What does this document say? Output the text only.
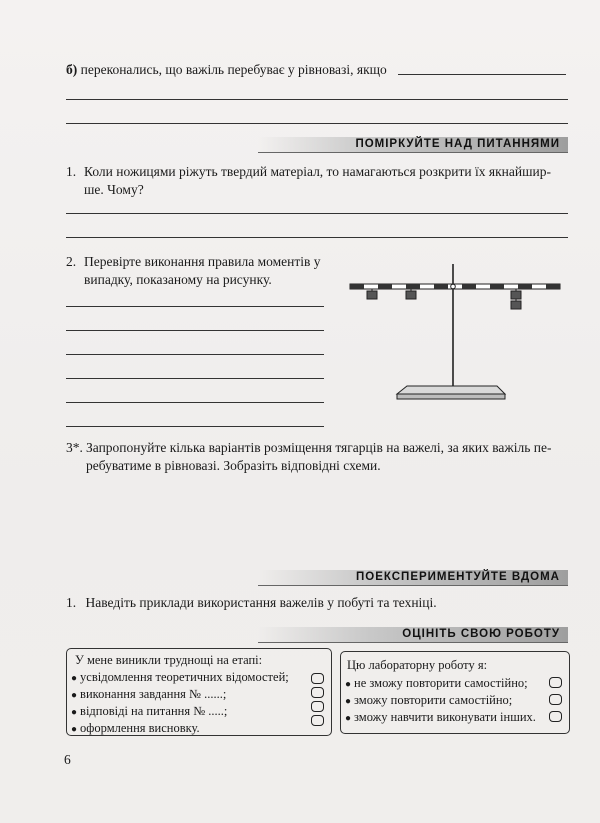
б) переконались, що важіль перебуває у рівновазі, якщо
ПОМІРКУЙТЕ НАД ПИТАННЯМИ
1. Коли ножицями ріжуть твердий матеріал, то намагаються розкрити їх якнайшир-
ше. Чому?
2. Перевірте виконання правила моментів у
випадку, показаному на рисунку.
3*. Запропонуйте кілька варіантів розміщення тягарців на важелі, за яких важіль пе-
ребуватиме в рівновазі. Зобразіть відповідні схеми.
ПОЕКСПЕРИМЕНТУЙТЕ ВДОМА
1. Наведіть приклади використання важелів у побуті та техніці.
ОЦІНІТЬ СВОЮ РОБОТУ
У мене виникли труднощі на етапі:
● усвідомлення теоретичних відомостей;
● виконання завдання № ......;
● відповіді на питання № .....;
● оформлення висновку.
Цю лабораторну роботу я:
● не зможу повторити самостійно;
● зможу повторити самостійно;
● зможу навчити виконувати інших.
6
